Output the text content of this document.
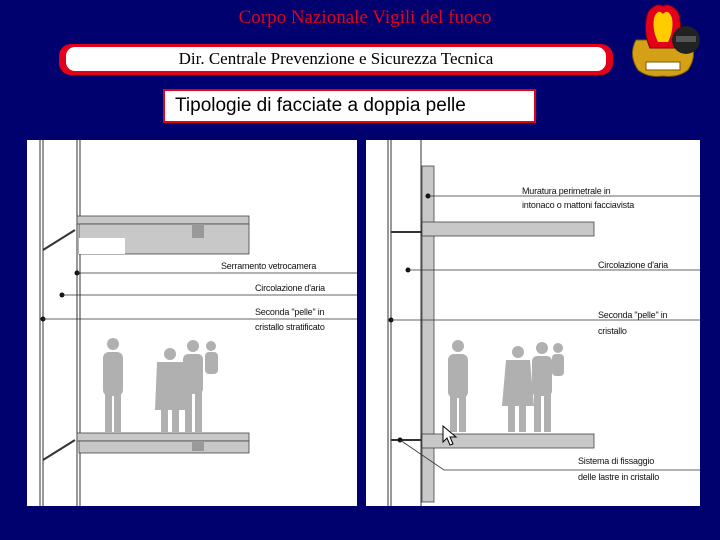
Corpo Nazionale Vigili del fuoco
Dir. Centrale Prevenzione e Sicurezza Tecnica
Tipologie di facciate a doppia pelle
Serramento vetrocamera
Circolazione d'aria
Seconda "pelle" in
cristallo stratificato
Muratura perimetrale in
intonaco o mattoni facciavista
Circolazione d'aria
Seconda "pelle" in
cristallo
Sistema di fissaggio
delle lastre in cristallo
